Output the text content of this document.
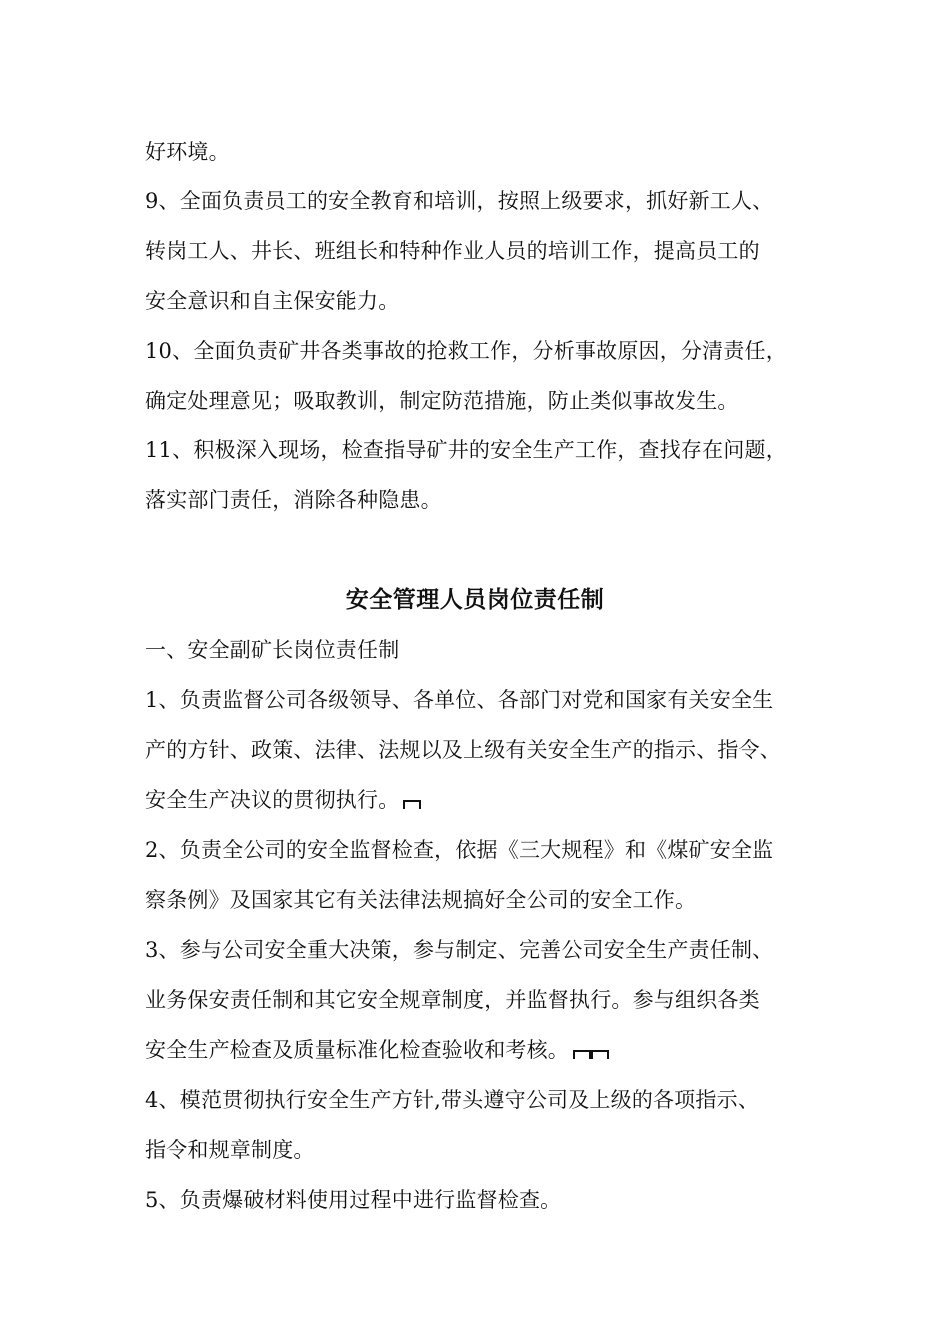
好环境。
9、全面负责员工的安全教育和培训，按照上级要求，抓好新工人、
转岗工人、井长、班组长和特种作业人员的培训工作，提高员工的
安全意识和自主保安能力。
10、全面负责矿井各类事故的抢救工作，分析事故原因，分清责任，
确定处理意见；吸取教训，制定防范措施，防止类似事故发生。
11、积极深入现场，检查指导矿井的安全生产工作，查找存在问题，
落实部门责任，消除各种隐患。
安全管理人员岗位责任制
一、安全副矿长岗位责任制
1、负责监督公司各级领导、各单位、各部门对党和国家有关安全生
产的方针、政策、法律、法规以及上级有关安全生产的指示、指令、
安全生产决议的贯彻执行。
2、负责全公司的安全监督检查，依据《三大规程》和《煤矿安全监
察条例》及国家其它有关法律法规搞好全公司的安全工作。
3、参与公司安全重大决策，参与制定、完善公司安全生产责任制、
业务保安责任制和其它安全规章制度，并监督执行。参与组织各类
安全生产检查及质量标准化检查验收和考核。
4、模范贯彻执行安全生产方针,带头遵守公司及上级的各项指示、
指令和规章制度。
5、负责爆破材料使用过程中进行监督检查。
